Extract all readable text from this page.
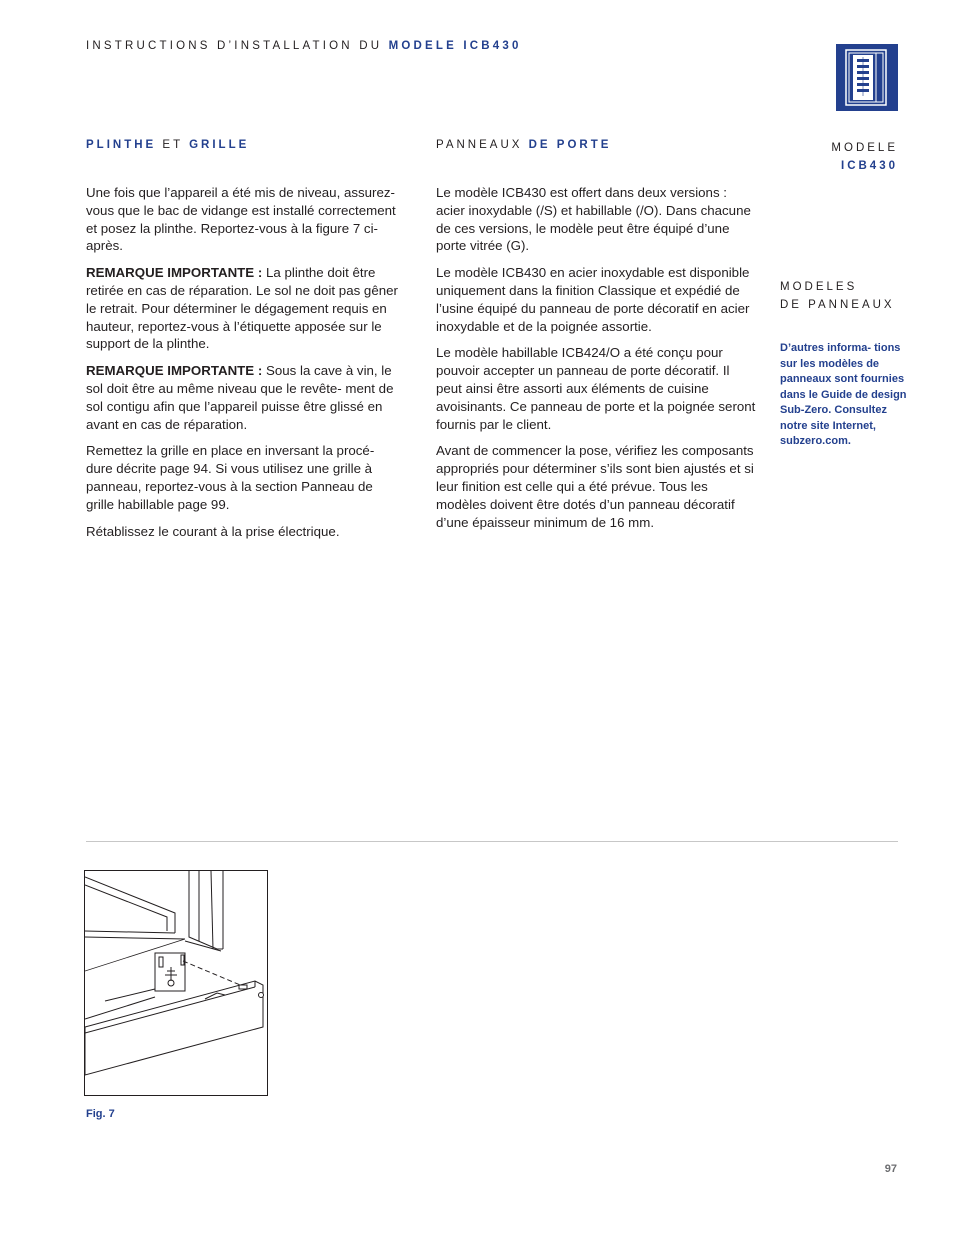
INSTRUCTIONS D’INSTALLATION DU MODELE ICB430
PLINTHE ET GRILLE	PANNEAUX DE PORTE

Une fois que l’appareil a été mis de niveau, assurez-vous que le bac de vidange est installé correctement et posez la plinthe. Reportez-vous à la figure 7 ci-après.

REMARQUE IMPORTANTE : La plinthe doit être retirée en cas de réparation. Le sol ne doit pas gêner le retrait. Pour déterminer le dégagement requis en hauteur, reportez-vous à l’étiquette apposée sur le support de la plinthe.

REMARQUE IMPORTANTE : Sous la cave à vin, le sol doit être au même niveau que le revête- ment de sol contigu afin que l’appareil puisse être glissé en avant en cas de réparation.

Remettez la grille en place en inversant la procé- dure décrite page 94. Si vous utilisez une grille à panneau, reportez-vous à la section Panneau de grille habillable page 99.

Rétablissez le courant à la prise électrique.

Le modèle ICB430 est offert dans deux versions : acier inoxydable (/S) et habillable (/O). Dans chacune de ces versions, le modèle peut être équipé d’une porte vitrée (G).

Le modèle ICB430 en acier inoxydable est disponible uniquement dans la finition Classique et expédié de l’usine équipé du panneau de porte décoratif en acier inoxydable et de la poignée assortie.

Le modèle habillable ICB424/O a été conçu pour pouvoir accepter un panneau de porte décoratif. Il peut ainsi être assorti aux éléments de cuisine avoisinants. Ce panneau de porte et la poignée seront fournis par le client.

Avant de commencer la pose, vérifiez les composants appropriés pour déterminer s’ils sont bien ajustés et si leur finition est celle qui a été prévue. Tous les modèles doivent être dotés d’un panneau décoratif d’une épaisseur minimum de 16 mm.

MODELE
ICB430
MODELES
DE PANNEAUX
D’autres informa- tions sur les modèles de panneaux sont fournies dans le Guide de design Sub-Zero. Consultez notre site Internet, subzero.com.
Fig. 7
97
